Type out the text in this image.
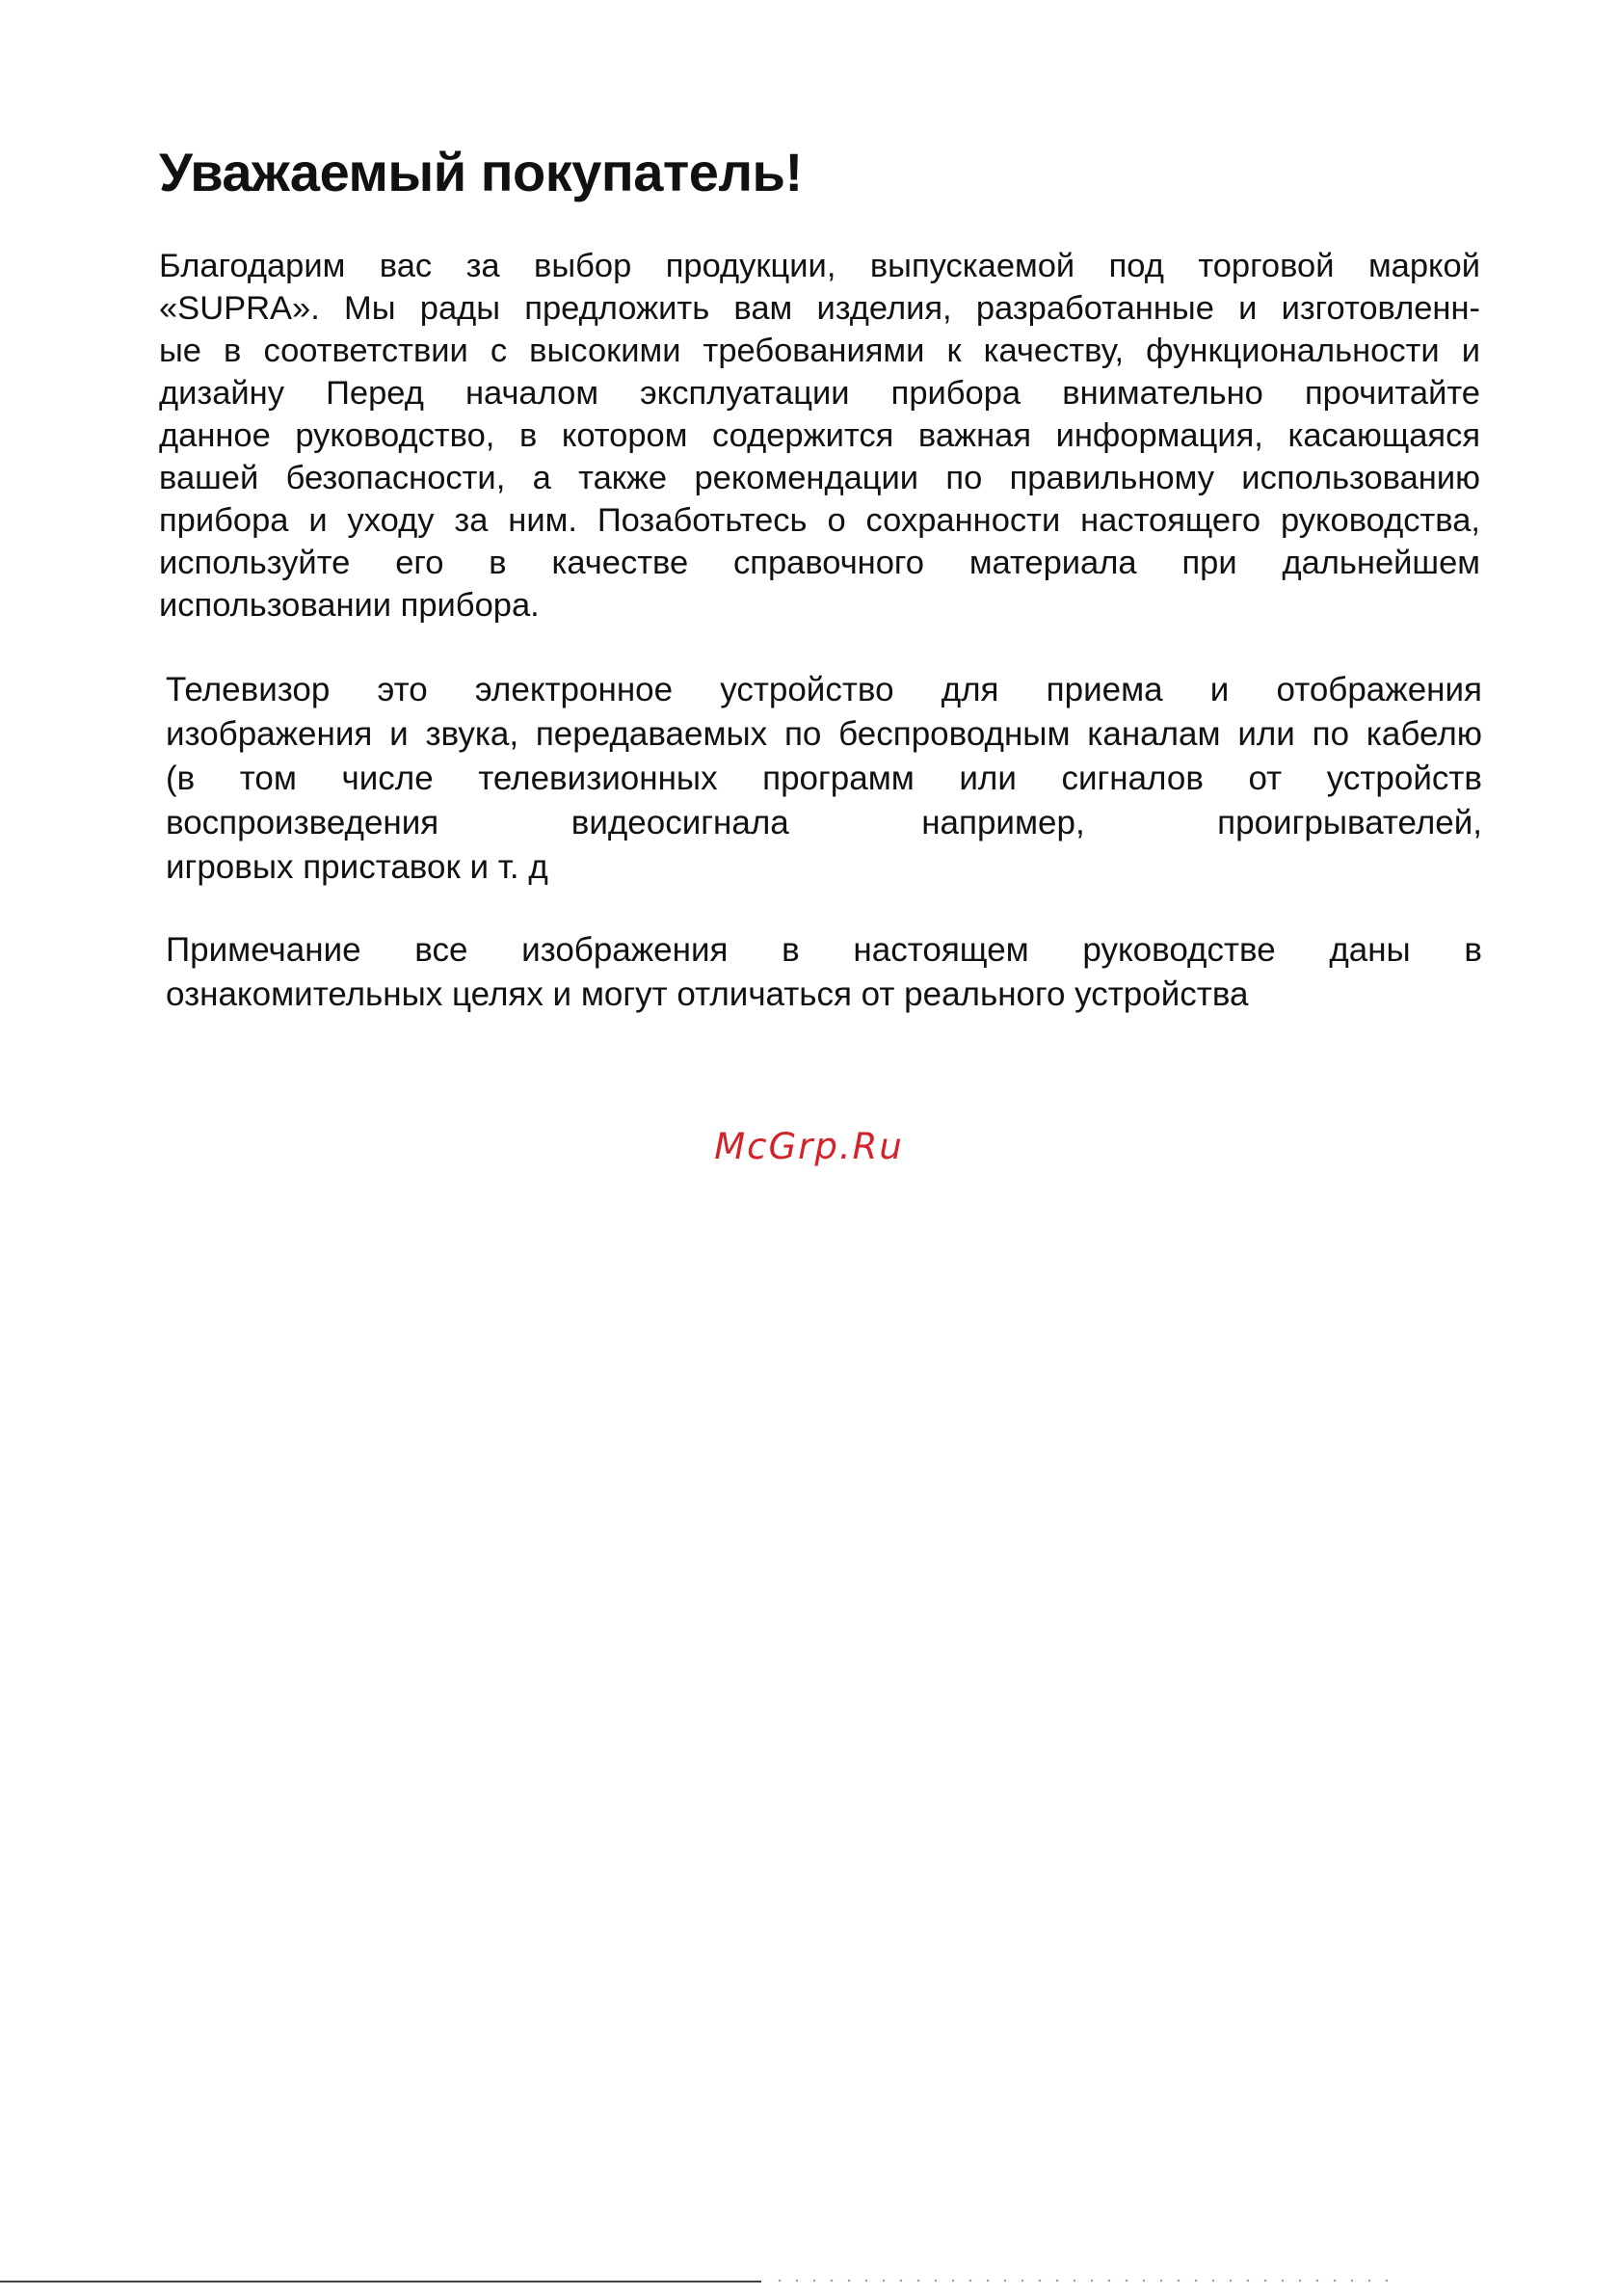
Уважаемый покупатель!
Благодарим вас за выбор продукции, выпускаемой под торговой маркой
«SUPRA». Мы рады предложить вам изделия, разработанные и изготовленн-
ые в соответствии с высокими требованиями к качеству, функциональности и
дизайну Перед началом эксплуатации прибора внимательно прочитайте
данное руководство, в котором содержится важная информация, касающаяся
вашей безопасности, а также рекомендации по правильному использованию
прибора и уходу за ним. Позаботьтесь о сохранности настоящего руководства,
используйте его в качестве справочного материала при дальнейшем
использовании прибора.
Телевизор это электронное устройство для приема и отображения
изображения и звука, передаваемых по беспроводным каналам или по кабелю
(в том числе телевизионных программ или сигналов от устройств
воспроизведения видеосигнала например, проигрывателей,
игровых приставок и т. д
Примечание все изображения в настоящем руководстве даны в
ознакомительных целях и могут отличаться от реального устройства
McGrp.Ru
